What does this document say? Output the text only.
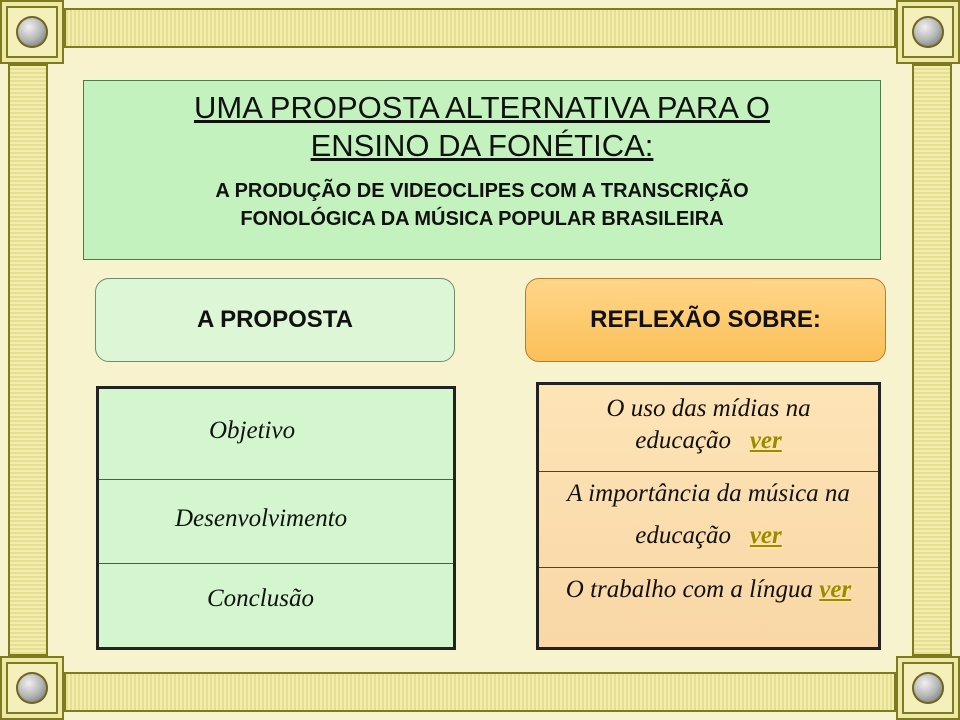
UMA PROPOSTA ALTERNATIVA PARA O
ENSINO DA FONÉTICA:
A PRODUÇÃO DE VIDEOCLIPES COM A TRANSCRIÇÃO
FONOLÓGICA DA MÚSICA POPULAR BRASILEIRA
A PROPOSTA	REFLEXÃO SOBRE:
Objetivo
Desenvolvimento
Conclusão
O uso das mídias na
educação ver
A importância da música na
educação ver
O trabalho com a língua ver
